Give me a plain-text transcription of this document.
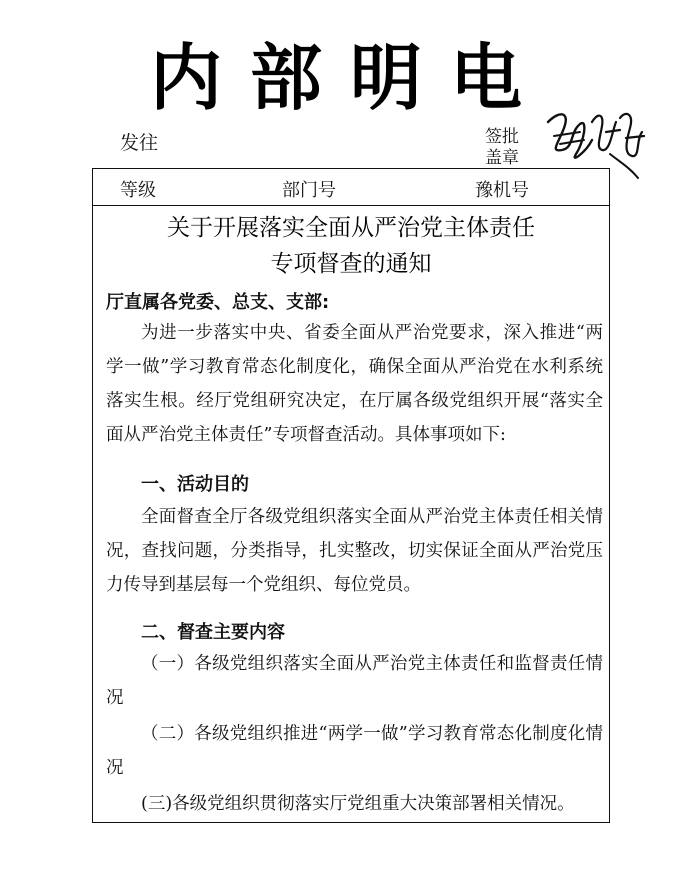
内部明电
发往	签批
盖章
等级	部门号	豫机号
关于开展落实全面从严治党主体责任
专项督查的通知
厅直属各党委、总支、支部:
为进一步落实中央、省委全面从严治党要求，深入推进“两学一做”学习教育常态化制度化，确保全面从严治党在水利系统落实生根。经厅党组研究决定，在厅属各级党组织开展“落实全面从严治党主体责任”专项督查活动。具体事项如下:
一、活动目的
全面督查全厅各级党组织落实全面从严治党主体责任相关情况，查找问题，分类指导，扎实整改，切实保证全面从严治党压力传导到基层每一个党组织、每位党员。
二、督查主要内容
（一）各级党组织落实全面从严治党主体责任和监督责任情况
（二）各级党组织推进“两学一做”学习教育常态化制度化情况
(三)各级党组织贯彻落实厅党组重大决策部署相关情况。
